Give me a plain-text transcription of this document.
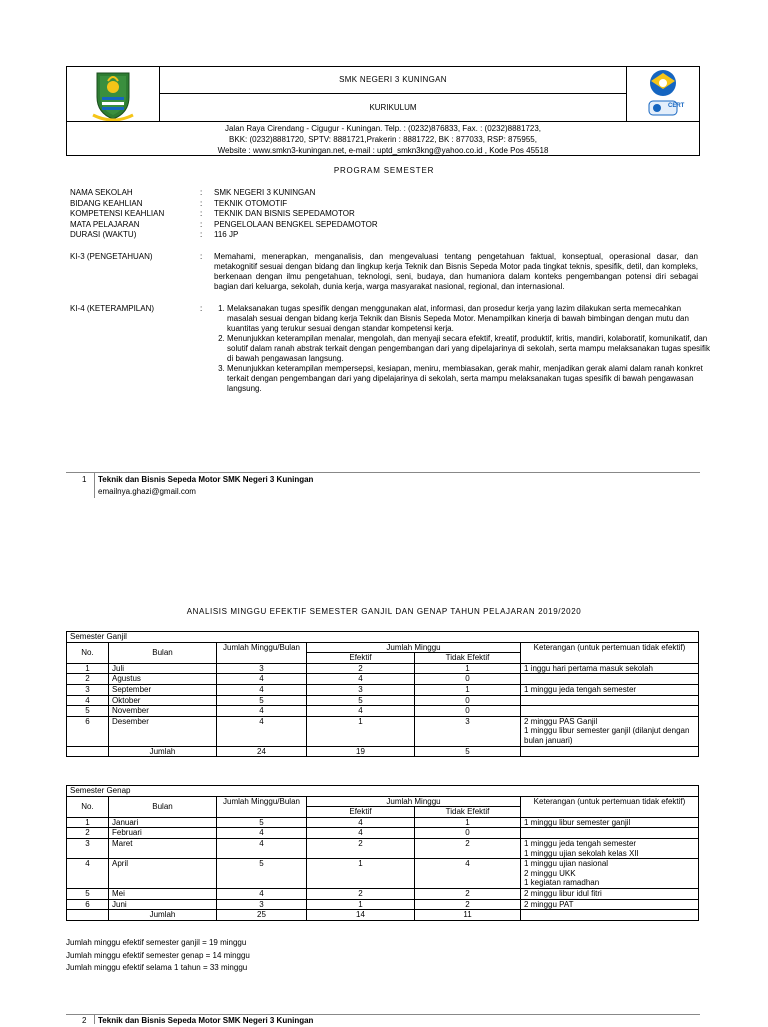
SMK NEGERI 3 KUNINGAN
KURIKULUM	CERT
Jalan Raya Cirendang - Cigugur - Kuningan. Telp. : (0232)876833, Fax. : (0232)8881723,
BKK: (0232)8881720, SPTV: 8881721,Prakerin : 8881722, BK : 877033, RSP: 875955,
Website : www.smkn3-kuningan.net, e-mail : uptd_smkn3kng@yahoo.co.id , Kode Pos 45518
PROGRAM SEMESTER
NAMA SEKOLAH	:	SMK NEGERI 3 KUNINGAN
BIDANG KEAHLIAN	:	TEKNIK OTOMOTIF
KOMPETENSI KEAHLIAN	:	TEKNIK DAN BISNIS SEPEDAMOTOR
MATA PELAJARAN	:	PENGELOLAAN BENGKEL SEPEDAMOTOR
DURASI (WAKTU)	:	116 JP
KI-3 (PENGETAHUAN)	: Memahami, menerapkan, menganalisis, dan mengevaluasi tentang pengetahuan faktual, konseptual, operasional dasar, dan metakognitif sesuai dengan bidang dan lingkup kerja Teknik dan Bisnis Sepeda Motor pada tingkat teknis, spesifik, detil, dan kompleks, berkenaan dengan ilmu pengetahuan, teknologi, seni, budaya, dan humaniora dalam konteks pengembangan potensi diri sebagai bagian dari keluarga, sekolah, dunia kerja, warga masyarakat nasional, regional, dan internasional.
KI-4 (KETERAMPILAN)	:	1. Melaksanakan tugas spesifik dengan menggunakan alat, informasi, dan prosedur kerja yang lazim dilakukan serta memecahkan masalah sesuai dengan bidang kerja Teknik dan Bisnis Sepeda Motor. Menampilkan kinerja di bawah bimbingan dengan mutu dan kuantitas yang terukur sesuai dengan standar kompetensi kerja.
2. Menunjukkan keterampilan menalar, mengolah, dan menyaji secara efektif, kreatif, produktif, kritis, mandiri, kolaboratif, komunikatif, dan solutif dalam ranah abstrak terkait dengan pengembangan dari yang dipelajarinya di sekolah, serta mampu melaksanakan tugas spesifik di bawah pengawasan langsung.
3. Menunjukkan keterampilan mempersepsi, kesiapan, meniru, membiasakan, gerak mahir, menjadikan gerak alami dalam ranah konkret terkait dengan pengembangan dari yang dipelajarinya di sekolah, serta mampu melaksanakan tugas spesifik di bawah pengawasan langsung.
1 Teknik dan Bisnis Sepeda Motor SMK Negeri 3 Kuningan
emailnya.ghazi@gmail.com
ANALISIS MINGGU EFEKTIF SEMESTER GANJIL DAN GENAP TAHUN PELAJARAN 2019/2020
Semester Ganjil					
No.	Bulan	Jumlah Minggu/Bulan	Jumlah Minggu		Keterangan (untuk pertemuan tidak efektif)
			Efektif	Tidak Efektif	
1	Juli	3	2	1	1 inggu hari pertama masuk sekolah
2	Agustus	4	4	0	
3	September	4	3	1	1 minggu jeda tengah semester
4	Oktober	5	5	0	
5	November	4	4	0	
6	Desember	4	1	3	2 minggu PAS Ganjil
1 minggu libur semester ganjil (dilanjut dengan bulan januari)
	Jumlah	24	19	5	
Semester Genap					
No.	Bulan	Jumlah Minggu/Bulan	Jumlah Minggu		Keterangan (untuk pertemuan tidak efektif)
			Efektif	Tidak Efektif	
1	Januari	5	4	1	1 minggu libur semester ganjil
2	Februari	4	4	0	
3	Maret	4	2	2	1 minggu jeda tengah semester
1 minggu ujian sekolah kelas XII
4	April	5	1	4	1 minggu ujian nasional
2 minggu UKK
1 kegiatan ramadhan
5	Mei	4	2	2	2 minggu libur idul fitri
6	Juni	3	1	2	2 minggu PAT
	Jumlah	25	14	11	
Jumlah minggu efektif semester ganjil = 19 minggu
Jumlah minggu efektif semester genap = 14 minggu
Jumlah minggu efektif selama 1 tahun = 33 minggu
2 Teknik dan Bisnis Sepeda Motor SMK Negeri 3 Kuningan
